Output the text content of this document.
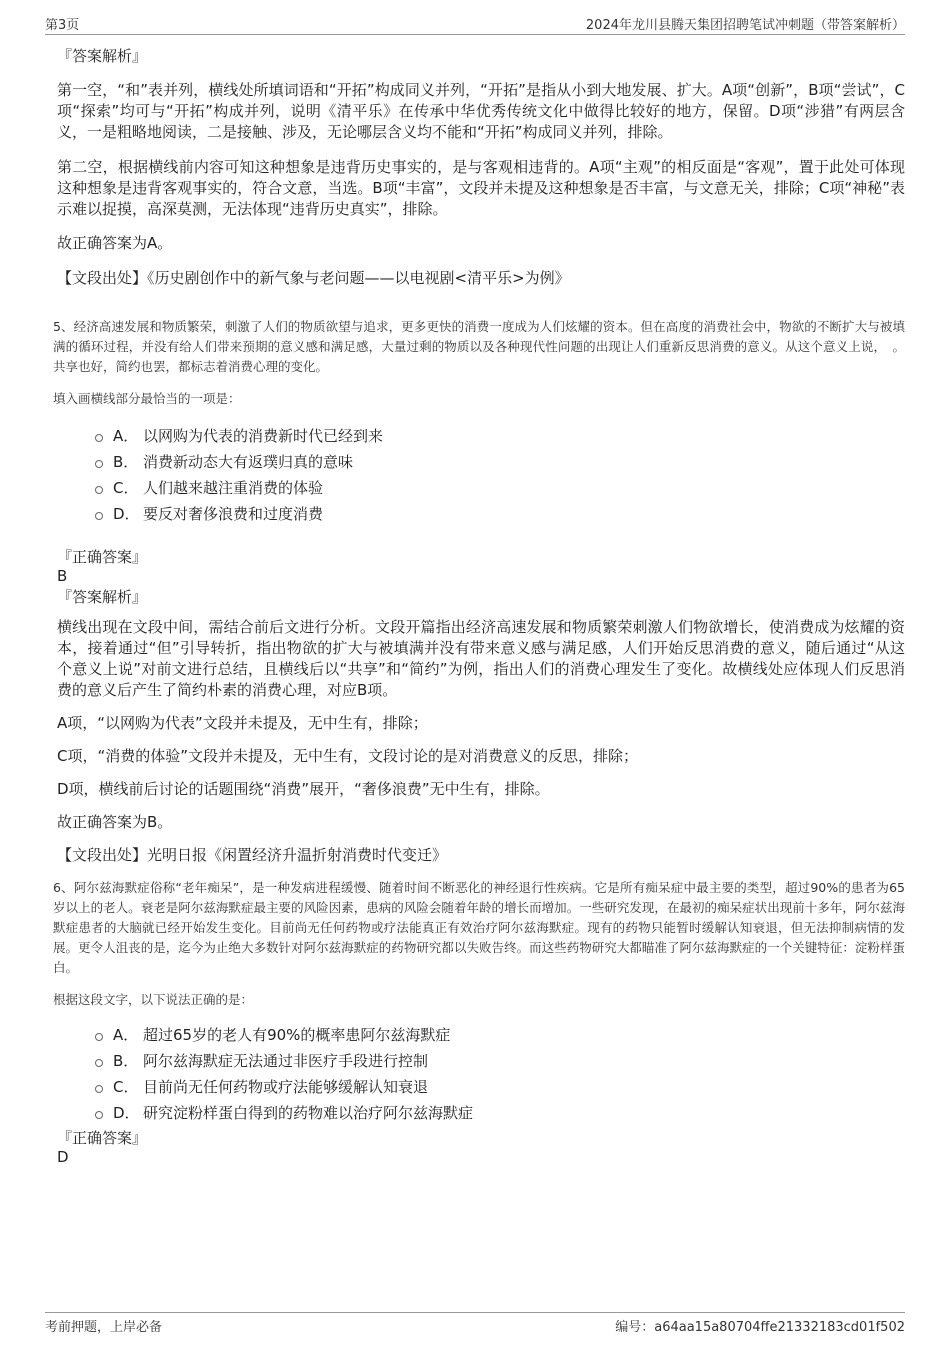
第3页	2024年龙川县腾天集团招聘笔试冲刺题（带答案解析）

『答案解析』

第一空，“和”表并列，横线处所填词语和“开拓”构成同义并列，“开拓”是指从小到大地发展、扩大。A项“创新”，B项“尝试”，C项“探索”均可与“开拓”构成并列，说明《清平乐》在传承中华优秀传统文化中做得比较好的地方，保留。D项“涉猎”有两层含义，一是粗略地阅读，二是接触、涉及，无论哪层含义均不能和“开拓”构成同义并列，排除。

第二空，根据横线前内容可知这种想象是违背历史事实的，是与客观相违背的。A项“主观”的相反面是“客观”，置于此处可体现这种想象是违背客观事实的，符合文意，当选。B项“丰富”，文段并未提及这种想象是否丰富，与文意无关，排除；C项“神秘”表示难以捉摸，高深莫测，无法体现“违背历史真实”，排除。

故正确答案为A。

【文段出处】《历史剧创作中的新气象与老问题——以电视剧<清平乐>为例》

5、经济高速发展和物质繁荣，刺激了人们的物质欲望与追求，更多更快的消费一度成为人们炫耀的资本。但在高度的消费社会中，物欲的不断扩大与被填满的循环过程，并没有给人们带来预期的意义感和满足感，大量过剩的物质以及各种现代性问题的出现让人们重新反思消费的意义。从这个意义上说，　。共享也好，简约也罢，都标志着消费心理的变化。

填入画横线部分最恰当的一项是：

A． 以网购为代表的消费新时代已经到来
B． 消费新动态大有返璞归真的意味
C． 人们越来越注重消费的体验
D． 要反对奢侈浪费和过度消费

『正确答案』

B

『答案解析』

横线出现在文段中间，需结合前后文进行分析。文段开篇指出经济高速发展和物质繁荣刺激人们物欲增长，使消费成为炫耀的资本，接着通过“但”引导转折，指出物欲的扩大与被填满并没有带来意义感与满足感，人们开始反思消费的意义，随后通过“从这个意义上说”对前文进行总结，且横线后以“共享”和“简约”为例，指出人们的消费心理发生了变化。故横线处应体现人们反思消费的意义后产生了简约朴素的消费心理，对应B项。

A项，“以网购为代表”文段并未提及，无中生有，排除；

C项，“消费的体验”文段并未提及，无中生有，文段讨论的是对消费意义的反思，排除；

D项，横线前后讨论的话题围绕“消费”展开，“奢侈浪费”无中生有，排除。

故正确答案为B。

【文段出处】光明日报《闲置经济升温折射消费时代变迁》

6、阿尔兹海默症俗称“老年痴呆”，是一种发病进程缓慢、随着时间不断恶化的神经退行性疾病。它是所有痴呆症中最主要的类型，超过90%的患者为65岁以上的老人。衰老是阿尔兹海默症最主要的风险因素，患病的风险会随着年龄的增长而增加。一些研究发现，在最初的痴呆症状出现前十多年，阿尔兹海默症患者的大脑就已经开始发生变化。目前尚无任何药物或疗法能真正有效治疗阿尔兹海默症。现有的药物只能暂时缓解认知衰退，但无法抑制病情的发展。更令人沮丧的是，迄今为止绝大多数针对阿尔兹海默症的药物研究都以失败告终。而这些药物研究大都瞄准了阿尔兹海默症的一个关键特征：淀粉样蛋白。

根据这段文字，以下说法正确的是：

A． 超过65岁的老人有90%的概率患阿尔兹海默症
B． 阿尔兹海默症无法通过非医疗手段进行控制
C． 目前尚无任何药物或疗法能够缓解认知衰退
D． 研究淀粉样蛋白得到的药物难以治疗阿尔兹海默症

『正确答案』

D

考前押题，上岸必备	编号：a64aa15a80704ffe21332183cd01f502
